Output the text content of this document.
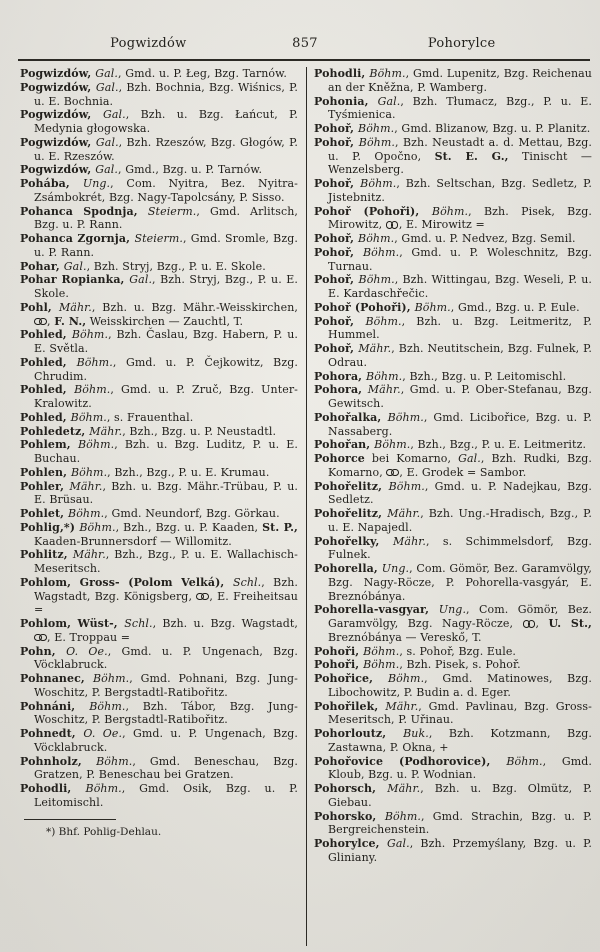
Pogwizdów	857	Pohorylce
Pogwizdów, Gal., Gmd. u. P. Łeg, Bzg. Tarnów.
Pogwizdów, Gal., Bzh. Bochnia, Bzg. Wiśnics, P. u. E. Bochnia.
Pogwizdów, Gal., Bzh. u. Bzg. Łańcut, P. Medynia głogowska.
Pogwizdów, Gal., Bzh. Rzeszów, Bzg. Głogów, P. u. E. Rzeszów.
Pogwizdów, Gal., Gmd., Bzg. u. P. Tarnów.
Pohába, Ung., Com. Nyitra, Bez. Nyitra-Zsámbokrét, Bzg. Nagy-Tapolcsány, P. Sisso.
Pohanca Spodnja, Steierm., Gmd. Arlitsch, Bzg. u. P. Rann.
Pohanca Zgornja, Steierm., Gmd. Sromle, Bzg. u. P. Rann.
Pohar, Gal., Bzh. Stryj, Bzg., P. u. E. Skole.
Pohar Ropianka, Gal., Bzh. Stryj, Bzg., P. u. E. Skole.
Pohl, Mähr., Bzh. u. Bzg. Mähr.-Weisskirchen, , F. N., Weisskirchen — Zauchtl, T.
Pohled, Böhm., Bzh. Časlau, Bzg. Habern, P. u. E. Světla.
Pohled, Böhm., Gmd. u. P. Čejkowitz, Bzg. Chrudim.
Pohled, Böhm., Gmd. u. P. Zruč, Bzg. Unter-Kralowitz.
Pohled, Böhm., s. Frauenthal.
Pohledetz, Mähr., Bzh., Bzg. u. P. Neustadtl.
Pohlem, Böhm., Bzh. u. Bzg. Luditz, P. u. E. Buchau.
Pohlen, Böhm., Bzh., Bzg., P. u. E. Krumau.
Pohler, Mähr., Bzh. u. Bzg. Mähr.-Trübau, P. u. E. Brüsau.
Pohlet, Böhm., Gmd. Neundorf, Bzg. Görkau.
Pohlig,*) Böhm., Bzh., Bzg. u. P. Kaaden, St. P., Kaaden-Brunnersdorf — Willomitz.
Pohlitz, Mähr., Bzh., Bzg., P. u. E. Wallachisch-Meseritsch.
Pohlom, Gross- (Polom Velká), Schl., Bzh. Wagstadt, Bzg. Königsberg, , E. Freiheitsau =
Pohlom, Wüst-, Schl., Bzh. u. Bzg. Wagstadt, , E. Troppau =
Pohn, O. Oe., Gmd. u. P. Ungenach, Bzg. Vöcklabruck.
Pohnanec, Böhm., Gmd. Pohnani, Bzg. Jung-Woschitz, P. Bergstadtl-Ratibořitz.
Pohnáni, Böhm., Bzh. Tábor, Bzg. Jung-Woschitz, P. Bergstadtl-Ratibořitz.
Pohnedt, O. Oe., Gmd. u. P. Ungenach, Bzg. Vöcklabruck.
Pohnholz, Böhm., Gmd. Beneschau, Bzg. Gratzen, P. Beneschau bei Gratzen.
Pohodli, Böhm., Gmd. Osik, Bzg. u. P. Leitomischl.
*) Bhf. Pohlig-Dehlau.
Pohodli, Böhm., Gmd. Lupenitz, Bzg. Reichenau an der Kněžna, P. Wamberg.
Pohonia, Gal., Bzh. Tłumacz, Bzg., P. u. E. Tyśmienica.
Pohoř, Böhm., Gmd. Blizanow, Bzg. u. P. Planitz.
Pohoř, Böhm., Bzh. Neustadt a. d. Mettau, Bzg. u. P. Opočno, St. E. G., Tinischt — Wenzelsberg.
Pohoř, Böhm., Bzh. Seltschan, Bzg. Sedletz, P. Jistebnitz.
Pohoř (Pohoři), Böhm., Bzh. Pisek, Bzg. Mirowitz, , E. Mirowitz =
Pohoř, Böhm., Gmd. u. P. Nedvez, Bzg. Semil.
Pohoř, Böhm., Gmd. u. P. Woleschnitz, Bzg. Turnau.
Pohoř, Böhm., Bzh. Wittingau, Bzg. Weseli, P. u. E. Kardaschřečic.
Pohoř (Pohoři), Böhm., Gmd., Bzg. u. P. Eule.
Pohoř, Böhm., Bzh. u. Bzg. Leitmeritz, P. Hummel.
Pohoř, Mähr., Bzh. Neutitschein, Bzg. Fulnek, P. Odrau.
Pohora, Böhm., Bzh., Bzg. u. P. Leitomischl.
Pohora, Mähr., Gmd. u. P. Ober-Stefanau, Bzg. Gewitsch.
Pohořalka, Böhm., Gmd. Licibořice, Bzg. u. P. Nassaberg.
Pohořan, Böhm., Bzh., Bzg., P. u. E. Leitmeritz.
Pohorce bei Komarno, Gal., Bzh. Rudki, Bzg. Komarno, , E. Grodek = Sambor.
Pohořelitz, Böhm., Gmd. u. P. Nadejkau, Bzg. Sedletz.
Pohořelitz, Mähr., Bzh. Ung.-Hradisch, Bzg., P. u. E. Napajedl.
Pohořelky, Mähr., s. Schimmelsdorf, Bzg. Fulnek.
Pohorella, Ung., Com. Gömör, Bez. Garamvölgy, Bzg. Nagy-Röcze, P. Pohorella-vasgyár, E. Breznóbánya.
Pohorella-vasgyar, Ung., Com. Gömör, Bez. Garamvölgy, Bzg. Nagy-Röcze, , U. St., Breznóbánya — Vereskő, T.
Pohoři, Böhm., s. Pohoř, Bzg. Eule.
Pohoři, Böhm., Bzh. Pisek, s. Pohoř.
Pohořice, Böhm., Gmd. Matinowes, Bzg. Libochowitz, P. Budin a. d. Eger.
Pohořilek, Mähr., Gmd. Pavlinau, Bzg. Gross-Meseritsch, P. Uřinau.
Pohorloutz, Buk., Bzh. Kotzmann, Bzg. Zastawna, P. Okna, +
Pohořovice (Podhorovice), Böhm., Gmd. Kloub, Bzg. u. P. Wodnian.
Pohorsch, Mähr., Bzh. u. Bzg. Olmütz, P. Giebau.
Pohorsko, Böhm., Gmd. Strachin, Bzg. u. P. Bergreichenstein.
Pohorylce, Gal., Bzh. Przemyślany, Bzg. u. P. Gliniany.
